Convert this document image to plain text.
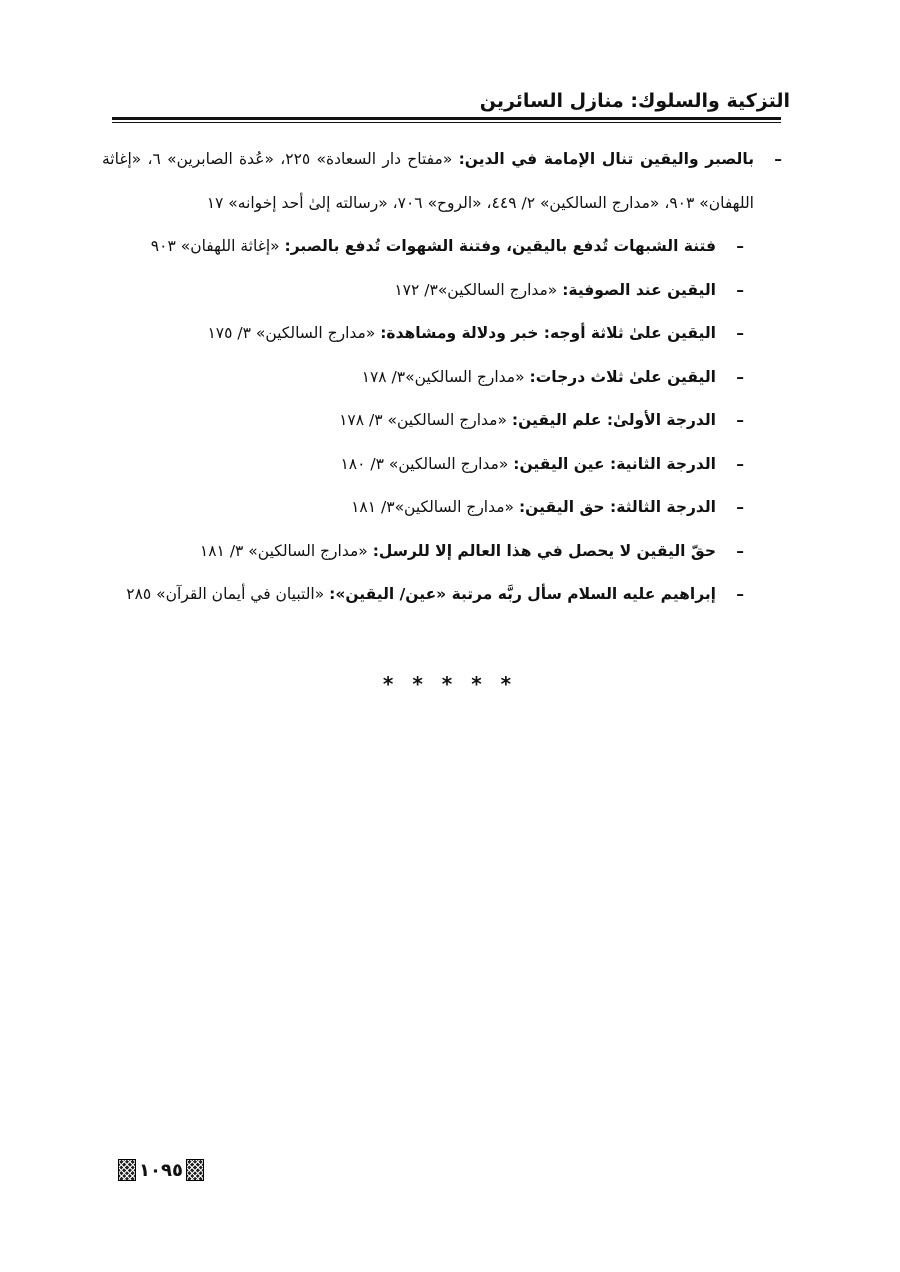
التزكية والسلوك: منازل السائرين
–
بالصبر واليقين تنال الإمامة في الدين: «مفتاح دار السعادة» ٢٢٥، «عُدة الصابرين» ٦، «إغاثة اللهفان» ٩٠٣، «مدارج السالكين» ٢/ ٤٤٩، «الروح» ٧٠٦، «رسالته إلىٰ أحد إخوانه» ١٧
–
فتنة الشبهات تُدفع باليقين، وفتنة الشهوات تُدفع بالصبر: «إغاثة اللهفان» ٩٠٣
–
اليقين عند الصوفية: «مدارج السالكين»٣/ ١٧٢
–
اليقين علىٰ ثلاثة أوجه: خبر ودلالة ومشاهدة: «مدارج السالكين» ٣/ ١٧٥
–
اليقين علىٰ ثلاث درجات: «مدارج السالكين»٣/ ١٧٨
–
الدرجة الأولىٰ: علم اليقين: «مدارج السالكين» ٣/ ١٧٨
–
الدرجة الثانية: عين اليقين: «مدارج السالكين» ٣/ ١٨٠
–
الدرجة الثالثة: حق اليقين: «مدارج السالكين»٣/ ١٨١
–
حقّ اليقين لا يحصل في هذا العالم إلا للرسل: «مدارج السالكين» ٣/ ١٨١
–
إبراهيم عليه السلام سأل ربَّه مرتبة «عين/ اليقين»: «التبيان في أيمان القرآن» ٢٨٥
* * * * *
١٠٩٥
